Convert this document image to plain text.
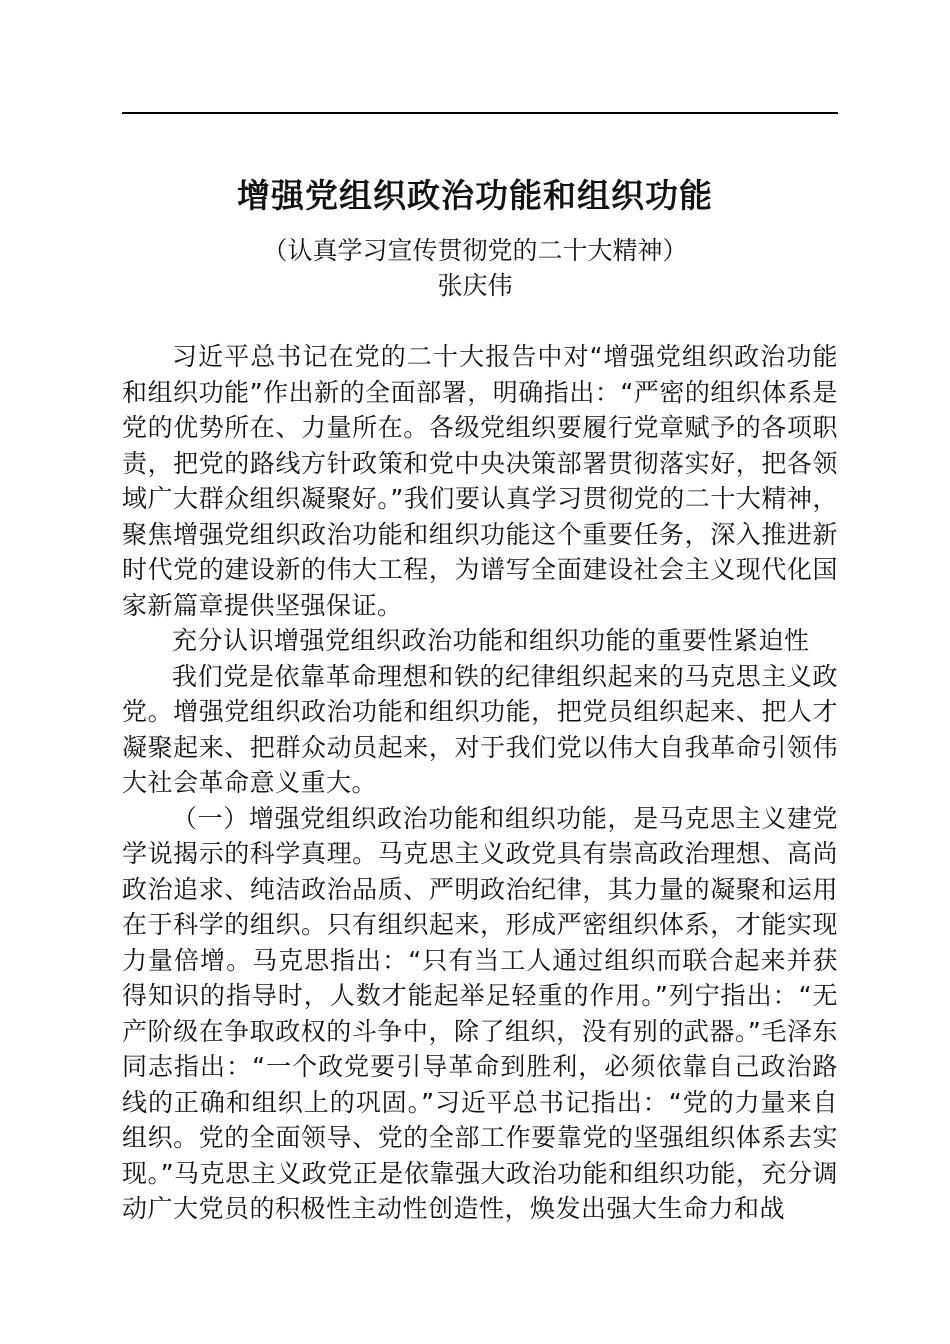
增强党组织政治功能和组织功能
（认真学习宣传贯彻党的二十大精神）
张庆伟

习近平总书记在党的二十大报告中对“增强党组织政治功能和组织功能”作出新的全面部署，明确指出：“严密的组织体系是党的优势所在、力量所在。各级党组织要履行党章赋予的各项职责，把党的路线方针政策和党中央决策部署贯彻落实好，把各领域广大群众组织凝聚好。”我们要认真学习贯彻党的二十大精神，聚焦增强党组织政治功能和组织功能这个重要任务，深入推进新时代党的建设新的伟大工程，为谱写全面建设社会主义现代化国家新篇章提供坚强保证。

充分认识增强党组织政治功能和组织功能的重要性紧迫性

我们党是依靠革命理想和铁的纪律组织起来的马克思主义政党。增强党组织政治功能和组织功能，把党员组织起来、把人才凝聚起来、把群众动员起来，对于我们党以伟大自我革命引领伟大社会革命意义重大。

（一）增强党组织政治功能和组织功能，是马克思主义建党学说揭示的科学真理。马克思主义政党具有崇高政治理想、高尚政治追求、纯洁政治品质、严明政治纪律，其力量的凝聚和运用在于科学的组织。只有组织起来，形成严密组织体系，才能实现力量倍增。马克思指出：“只有当工人通过组织而联合起来并获得知识的指导时，人数才能起举足轻重的作用。”列宁指出：“无产阶级在争取政权的斗争中，除了组织，没有别的武器。”毛泽东同志指出：“一个政党要引导革命到胜利，必须依靠自己政治路线的正确和组织上的巩固。”习近平总书记指出：“党的力量来自组织。党的全面领导、党的全部工作要靠党的坚强组织体系去实现。”马克思主义政党正是依靠强大政治功能和组织功能，充分调动广大党员的积极性主动性创造性，焕发出强大生命力和战
